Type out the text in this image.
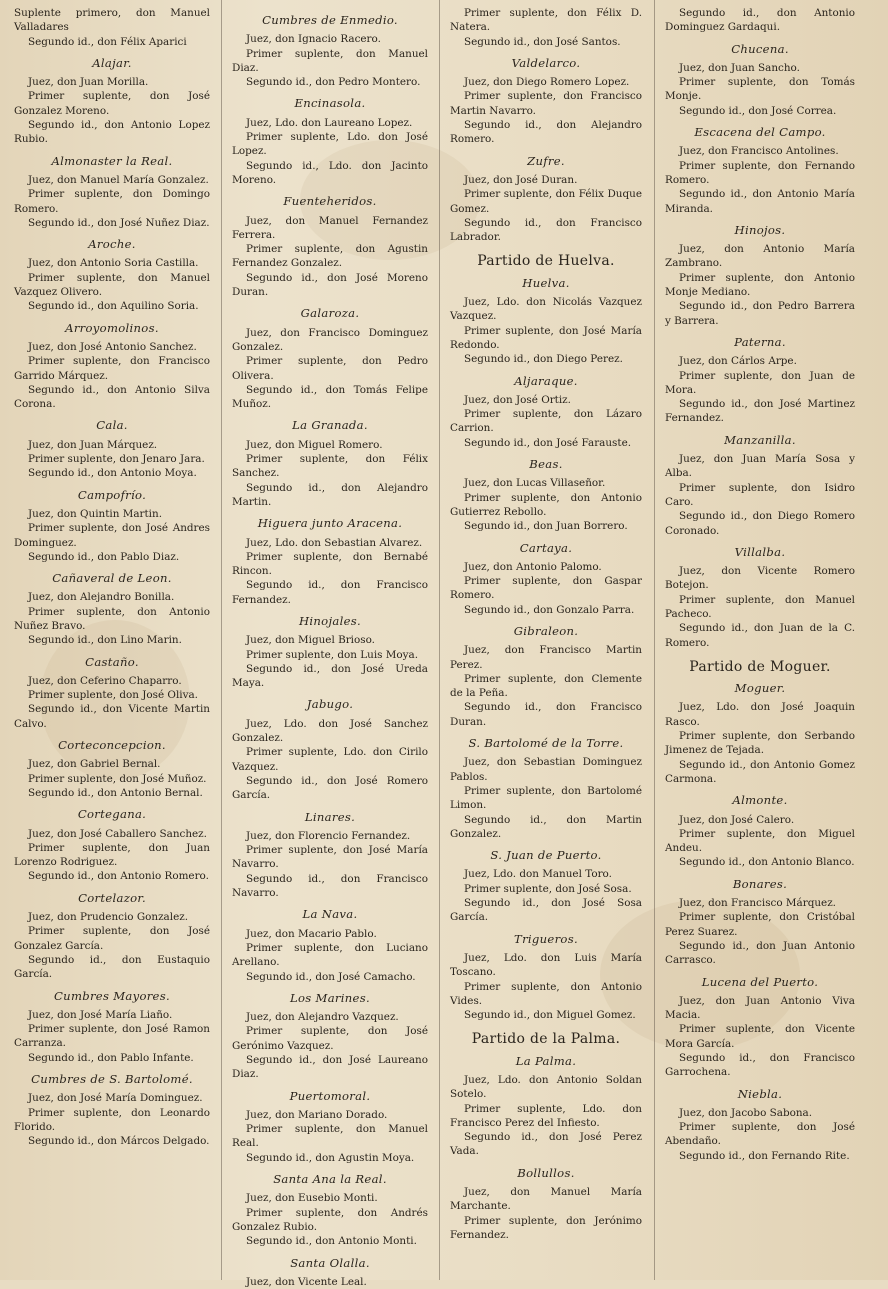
Suplente primero, don Manuel Valladares
Segundo id., don Félix Aparici
Alajar.
Juez, don Juan Morilla.
Primer suplente, don José Gonzalez Moreno.
Segundo id., don Antonio Lopez Rubio.
Almonaster la Real.
Juez, don Manuel María Gonzalez.
Primer suplente, don Domingo Romero.
Segundo id., don José Nuñez Diaz.
Aroche.
Juez, don Antonio Soria Castilla.
Primer suplente, don Manuel Vazquez Olivero.
Segundo id., don Aquilino Soria.
Arroyomolinos.
Juez, don José Antonio Sanchez.
Primer suplente, don Francisco Garrido Márquez.
Segundo id., don Antonio Silva Corona.
Cala.
Juez, don Juan Márquez.
Primer suplente, don Jenaro Jara.
Segundo id., don Antonio Moya.
Campofrío.
Juez, don Quintin Martin.
Primer suplente, don José Andres Dominguez.
Segundo id., don Pablo Diaz.
Cañaveral de Leon.
Juez, don Alejandro Bonilla.
Primer suplente, don Antonio Nuñez Bravo.
Segundo id., don Lino Marin.
Castaño.
Juez, don Ceferino Chaparro.
Primer suplente, don José Oliva.
Segundo id., don Vicente Martin Calvo.
Corteconcepcion.
Juez, don Gabriel Bernal.
Primer suplente, don José Muñoz.
Segundo id., don Antonio Bernal.
Cortegana.
Juez, don José Caballero Sanchez.
Primer suplente, don Juan Lorenzo Rodriguez.
Segundo id., don Antonio Romero.
Cortelazor.
Juez, don Prudencio Gonzalez.
Primer suplente, don José Gonzalez García.
Segundo id., don Eustaquio García.
Cumbres Mayores.
Juez, don José María Liaño.
Primer suplente, don José Ramon Carranza.
Segundo id., don Pablo Infante.
Cumbres de S. Bartolomé.
Juez, don José María Dominguez.
Primer suplente, don Leonardo Florido.
Segundo id., don Márcos Delgado.
Cumbres de Enmedio.
Juez, don Ignacio Racero.
Primer suplente, don Manuel Diaz.
Segundo id., don Pedro Montero.
Encinasola.
Juez, Ldo. don Laureano Lopez.
Primer suplente, Ldo. don José Lopez.
Segundo id., Ldo. don Jacinto Moreno.
Fuenteheridos.
Juez, don Manuel Fernandez Ferrera.
Primer suplente, don Agustin Fernandez Gonzalez.
Segundo id., don José Moreno Duran.
Galaroza.
Juez, don Francisco Dominguez Gonzalez.
Primer suplente, don Pedro Olivera.
Segundo id., don Tomás Felipe Muñoz.
La Granada.
Juez, don Miguel Romero.
Primer suplente, don Félix Sanchez.
Segundo id., don Alejandro Martin.
Higuera junto Aracena.
Juez, Ldo. don Sebastian Alvarez.
Primer suplente, don Bernabé Rincon.
Segundo id., don Francisco Fernandez.
Hinojales.
Juez, don Miguel Brioso.
Primer suplente, don Luis Moya.
Segundo id., don José Ureda Maya.
Jabugo.
Juez, Ldo. don José Sanchez Gonzalez.
Primer suplente, Ldo. don Cirilo Vazquez.
Segundo id., don José Romero García.
Linares.
Juez, don Florencio Fernandez.
Primer suplente, don José María Navarro.
Segundo id., don Francisco Navarro.
La Nava.
Juez, don Macario Pablo.
Primer suplente, don Luciano Arellano.
Segundo id., don José Camacho.
Los Marines.
Juez, don Alejandro Vazquez.
Primer suplente, don José Gerónimo Vazquez.
Segundo id., don José Laureano Diaz.
Puertomoral.
Juez, don Mariano Dorado.
Primer suplente, don Manuel Real.
Segundo id., don Agustin Moya.
Santa Ana la Real.
Juez, don Eusebio Monti.
Primer suplente, don Andrés Gonzalez Rubio.
Segundo id., don Antonio Monti.
Santa Olalla.
Juez, don Vicente Leal.
Primer suplente, don Félix D. Natera.
Segundo id., don José Santos.
Valdelarco.
Juez, don Diego Romero Lopez.
Primer suplente, don Francisco Martin Navarro.
Segundo id., don Alejandro Romero.
Zufre.
Juez, don José Duran.
Primer suplente, don Félix Duque Gomez.
Segundo id., don Francisco Labrador.
Partido de Huelva.
Huelva.
Juez, Ldo. don Nicolás Vazquez Vazquez.
Primer suplente, don José María Redondo.
Segundo id., don Diego Perez.
Aljaraque.
Juez, don José Ortiz.
Primer suplente, don Lázaro Carrion.
Segundo id., don José Farauste.
Beas.
Juez, don Lucas Villaseñor.
Primer suplente, don Antonio Gutierrez Rebollo.
Segundo id., don Juan Borrero.
Cartaya.
Juez, don Antonio Palomo.
Primer suplente, don Gaspar Romero.
Segundo id., don Gonzalo Parra.
Gibraleon.
Juez, don Francisco Martin Perez.
Primer suplente, don Clemente de la Peña.
Segundo id., don Francisco Duran.
S. Bartolomé de la Torre.
Juez, don Sebastian Dominguez Pablos.
Primer suplente, don Bartolomé Limon.
Segundo id., don Martin Gonzalez.
S. Juan de Puerto.
Juez, Ldo. don Manuel Toro.
Primer suplente, don José Sosa.
Segundo id., don José Sosa García.
Trigueros.
Juez, Ldo. don Luis María Toscano.
Primer suplente, don Antonio Vides.
Segundo id., don Miguel Gomez.
Partido de la Palma.
La Palma.
Juez, Ldo. don Antonio Soldan Sotelo.
Primer suplente, Ldo. don Francisco Perez del Infiesto.
Segundo id., don José Perez Vada.
Bollullos.
Juez, don Manuel María Marchante.
Primer suplente, don Jerónimo Fernandez.
Segundo id., don Antonio Dominguez Gardaqui.
Chucena.
Juez, don Juan Sancho.
Primer suplente, don Tomás Monje.
Segundo id., don José Correa.
Escacena del Campo.
Juez, don Francisco Antolines.
Primer suplente, don Fernando Romero.
Segundo id., don Antonio María Miranda.
Hinojos.
Juez, don Antonio María Zambrano.
Primer suplente, don Antonio Monje Mediano.
Segundo id., don Pedro Barrera y Barrera.
Paterna.
Juez, don Cárlos Arpe.
Primer suplente, don Juan de Mora.
Segundo id., don José Martinez Fernandez.
Manzanilla.
Juez, don Juan María Sosa y Alba.
Primer suplente, don Isidro Caro.
Segundo id., don Diego Romero Coronado.
Villalba.
Juez, don Vicente Romero Botejon.
Primer suplente, don Manuel Pacheco.
Segundo id., don Juan de la C. Romero.
Partido de Moguer.
Moguer.
Juez, Ldo. don José Joaquin Rasco.
Primer suplente, don Serbando Jimenez de Tejada.
Segundo id., don Antonio Gomez Carmona.
Almonte.
Juez, don José Calero.
Primer suplente, don Miguel Andeu.
Segundo id., don Antonio Blanco.
Bonares.
Juez, don Francisco Márquez.
Primer suplente, don Cristóbal Perez Suarez.
Segundo id., don Juan Antonio Carrasco.
Lucena del Puerto.
Juez, don Juan Antonio Viva Macia.
Primer suplente, don Vicente Mora García.
Segundo id., don Francisco Garrochena.
Niebla.
Juez, don Jacobo Sabona.
Primer suplente, don José Abendaño.
Segundo id., don Fernando Rite.
